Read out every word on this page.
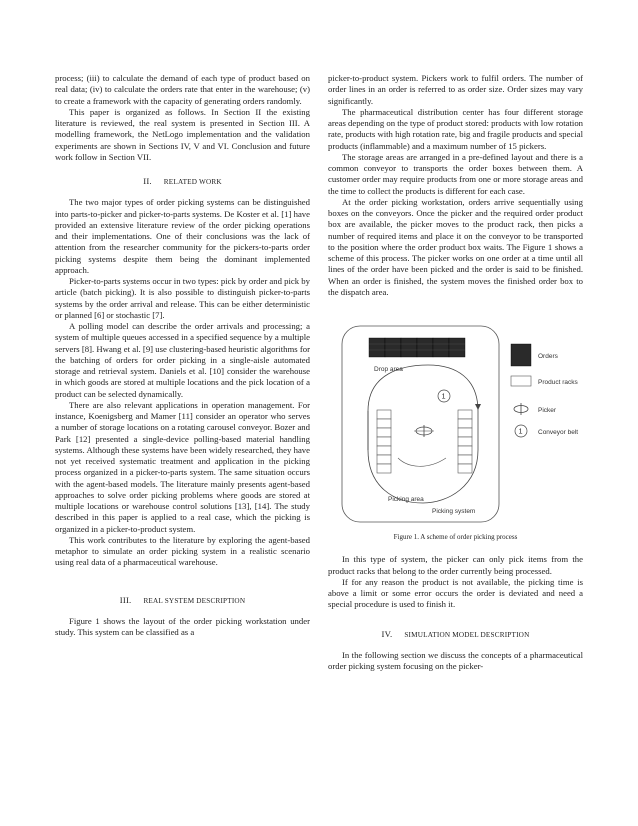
process; (iii) to calculate the demand of each type of product based on real data; (iv) to calculate the orders rate that enter in the warehouse; (v) to create a framework with the capacity of generating orders randomly.

This paper is organized as follows. In Section II the existing literature is reviewed, the real system is presented in Section III. A modelling framework, the NetLogo implementation and the validation experiments are shown in Sections IV, V and VI. Conclusion and future work follow in Section VII.

II. RELATED WORK

The two major types of order picking systems can be distinguished into parts-to-picker and picker-to-parts systems. De Koster et al. [1] have provided an extensive literature review of the order picking operations and their implementations. One of their conclusions was the lack of attention from the researcher community for the pickers-to-parts order picking systems despite them being the dominant implemented approach.

Picker-to-parts systems occur in two types: pick by order and pick by article (batch picking). It is also possible to distinguish picker-to-parts systems by the order arrival and release. This can be either deterministic or planned [6] or stochastic [7].

A polling model can describe the order arrivals and processing; a system of multiple queues accessed in a specified sequence by a multiple servers [8]. Hwang et al. [9] use clustering-based heuristic algorithms for the batching of orders for order picking in a single-aisle automated storage and retrieval system. Daniels et al. [10] consider the warehouse in which goods are stored at multiple locations and the pick location of a product can be selected dynamically.

There are also relevant applications in operation management. For instance, Koenigsberg and Mamer [11] consider an operator who serves a number of storage locations on a rotating carousel conveyor. Bozer and Park [12] presented a single-device polling-based material handling systems. Although these systems have been widely researched, they have not yet received systematic treatment and application in the picking process organized in a picker-to-parts system. The same situation occurs with the agent-based models. The literature mainly presents agent-based approaches to solve order picking problems where goods are stored at multiple locations or warehouse control solutions [13], [14]. The study described in this paper is applied to a real case, which the picking is organized in a picker-to-product system.

This work contributes to the literature by exploring the agent-based metaphor to simulate an order picking system in a realistic scenario using real data of a pharmaceutical warehouse.

III. REAL SYSTEM DESCRIPTION

Figure 1 shows the layout of the order picking workstation under study. This system can be classified as a

picker-to-product system. Pickers work to fulfil orders. The number of order lines in an order is referred to as order size. Order sizes may vary significantly.

The pharmaceutical distribution center has four different storage areas depending on the type of product stored: products with low rotation rate, products with high rotation rate, big and fragile products and special products (inflammable) and a maximum number of 15 pickers.

The storage areas are arranged in a pre-defined layout and there is a common conveyor to transports the order boxes between them. A customer order may require products from one or more storage areas and the time to collect the products is different for each case.

At the order picking workstation, orders arrive sequentially using boxes on the conveyors. Once the picker and the required order product box are available, the picker moves to the product rack, then picks a number of required items and place it on the conveyor to be transported to the position where the order product box waits. The Figure 1 shows a scheme of this process. The picker works on one order at a time until all lines of the order have been picked and the order is said to be finished. When an order is finished, the system moves the finished order box to the dispatch area.

Drop area
1
Picking area
Picking system
Orders
Product racks
Picker
1 Conveyor belt
Figure 1. A scheme of order picking process

In this type of system, the picker can only pick items from the product racks that belong to the order currently being processed.

If for any reason the product is not available, the picking time is above a limit or some error occurs the order is deviated and need a special procedure is used to finish it.

IV. SIMULATION MODEL DESCRIPTION

In the following section we discuss the concepts of a pharmaceutical order picking system focusing on the picker-
